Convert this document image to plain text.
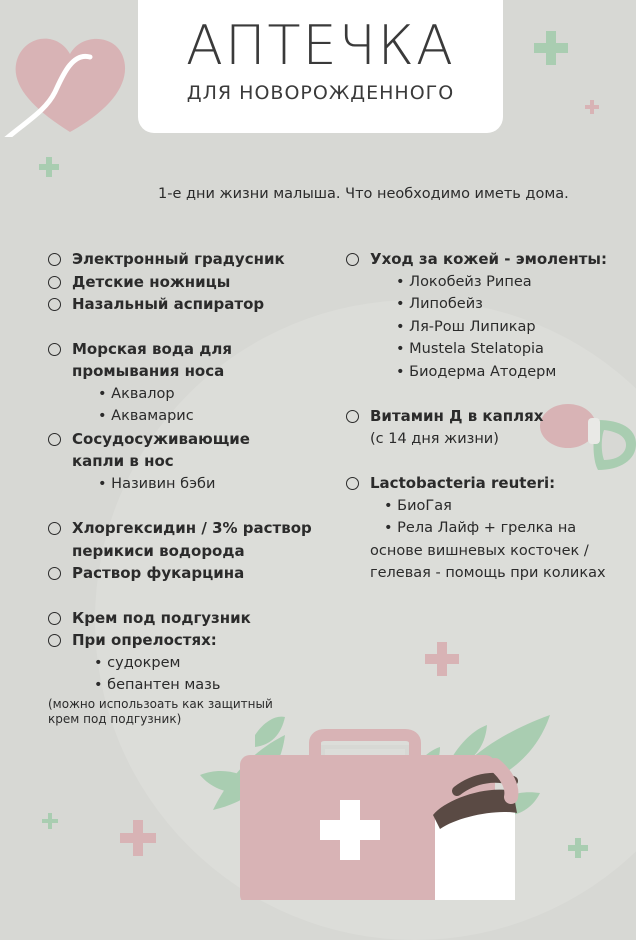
АПТЕЧКА
ДЛЯ НОВОРОЖДЕННОГО
1-е дни жизни малыша. Что необходимо иметь дома.
Электронный градусник
Детские ножницы
Назальный аспиратор
Морская вода для
промывания носа
• Аквалор
• Аквамарис
Сосудосуживающие
капли в нос
• Називин бэби
Хлоргексидин / 3% раствор
перикиси водорода
Раствор фукарцина
Крем под подгузник
При опрелостях:
• судокрем
• бепантен мазь
(можно использоать как защитный
крем под подгузник)
Уход за кожей - эмоленты:
• Локобейз Рипеа
• Липобейз
• Ля-Рош Липикар
• Mustela Stelatopia
• Биодерма Атодерм
Витамин Д в каплях
(с 14 дня жизни)
Lactobacteria reuteri:
• БиоГая
• Рела Лайф + грелка на
основе вишневых косточек /
гелевая - помощь при коликах
